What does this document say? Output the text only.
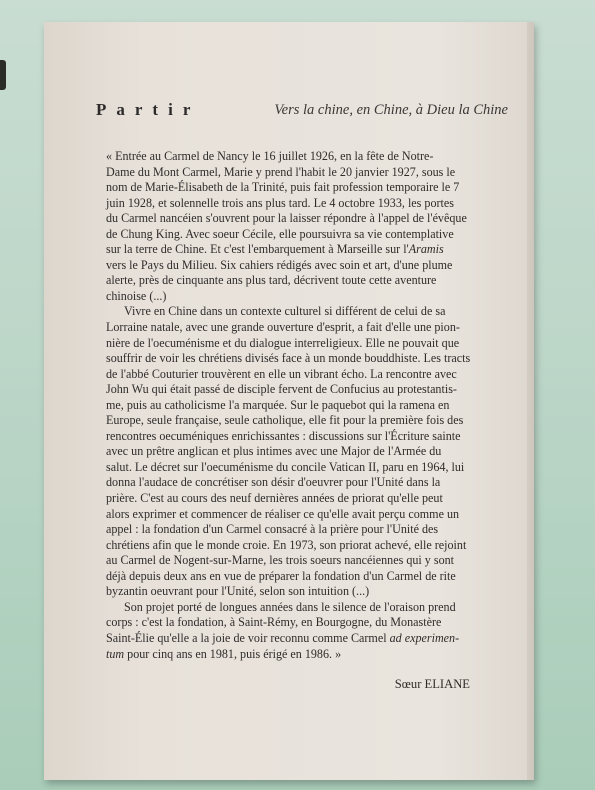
Partir	Vers la chine, en Chine, à Dieu la Chine

« Entrée au Carmel de Nancy le 16 juillet 1926, en la fête de Notre-

Dame du Mont Carmel, Marie y prend l'habit le 20 janvier 1927, sous le

nom de Marie-Élisabeth de la Trinité, puis fait profession temporaire le 7

juin 1928, et solennelle trois ans plus tard. Le 4 octobre 1933, les portes

du Carmel nancéien s'ouvrent pour la laisser répondre à l'appel de l'évêque

de Chung King. Avec soeur Cécile, elle poursuivra sa vie contemplative

sur la terre de Chine. Et c'est l'embarquement à Marseille sur l'Aramis

vers le Pays du Milieu. Six cahiers rédigés avec soin et art, d'une plume

alerte, près de cinquante ans plus tard, décrivent toute cette aventure

chinoise (...)

Vivre en Chine dans un contexte culturel si différent de celui de sa

Lorraine natale, avec une grande ouverture d'esprit, a fait d'elle une pion-

nière de l'oecuménisme et du dialogue interreligieux. Elle ne pouvait que

souffrir de voir les chrétiens divisés face à un monde bouddhiste. Les tracts

de l'abbé Couturier trouvèrent en elle un vibrant écho. La rencontre avec

John Wu qui était passé de disciple fervent de Confucius au protestantis-

me, puis au catholicisme l'a marquée. Sur le paquebot qui la ramena en

Europe, seule française, seule catholique, elle fit pour la première fois des

rencontres oecuméniques enrichissantes : discussions sur l'Écriture sainte

avec un prêtre anglican et plus intimes avec une Major de l'Armée du

salut. Le décret sur l'oecuménisme du concile Vatican II, paru en 1964, lui

donna l'audace de concrétiser son désir d'oeuvrer pour l'Unité dans la

prière. C'est au cours des neuf dernières années de priorat qu'elle peut

alors exprimer et commencer de réaliser ce qu'elle avait perçu comme un

appel : la fondation d'un Carmel consacré à la prière pour l'Unité des

chrétiens afin que le monde croie. En 1973, son priorat achevé, elle rejoint

au Carmel de Nogent-sur-Marne, les trois soeurs nancéiennes qui y sont

déjà depuis deux ans en vue de préparer la fondation d'un Carmel de rite

byzantin oeuvrant pour l'Unité, selon son intuition (...)

Son projet porté de longues années dans le silence de l'oraison prend

corps : c'est la fondation, à Saint-Rémy, en Bourgogne, du Monastère

Saint-Élie qu'elle a la joie de voir reconnu comme Carmel ad experimen-

tum pour cinq ans en 1981, puis érigé en 1986. »

Sœur ELIANE
